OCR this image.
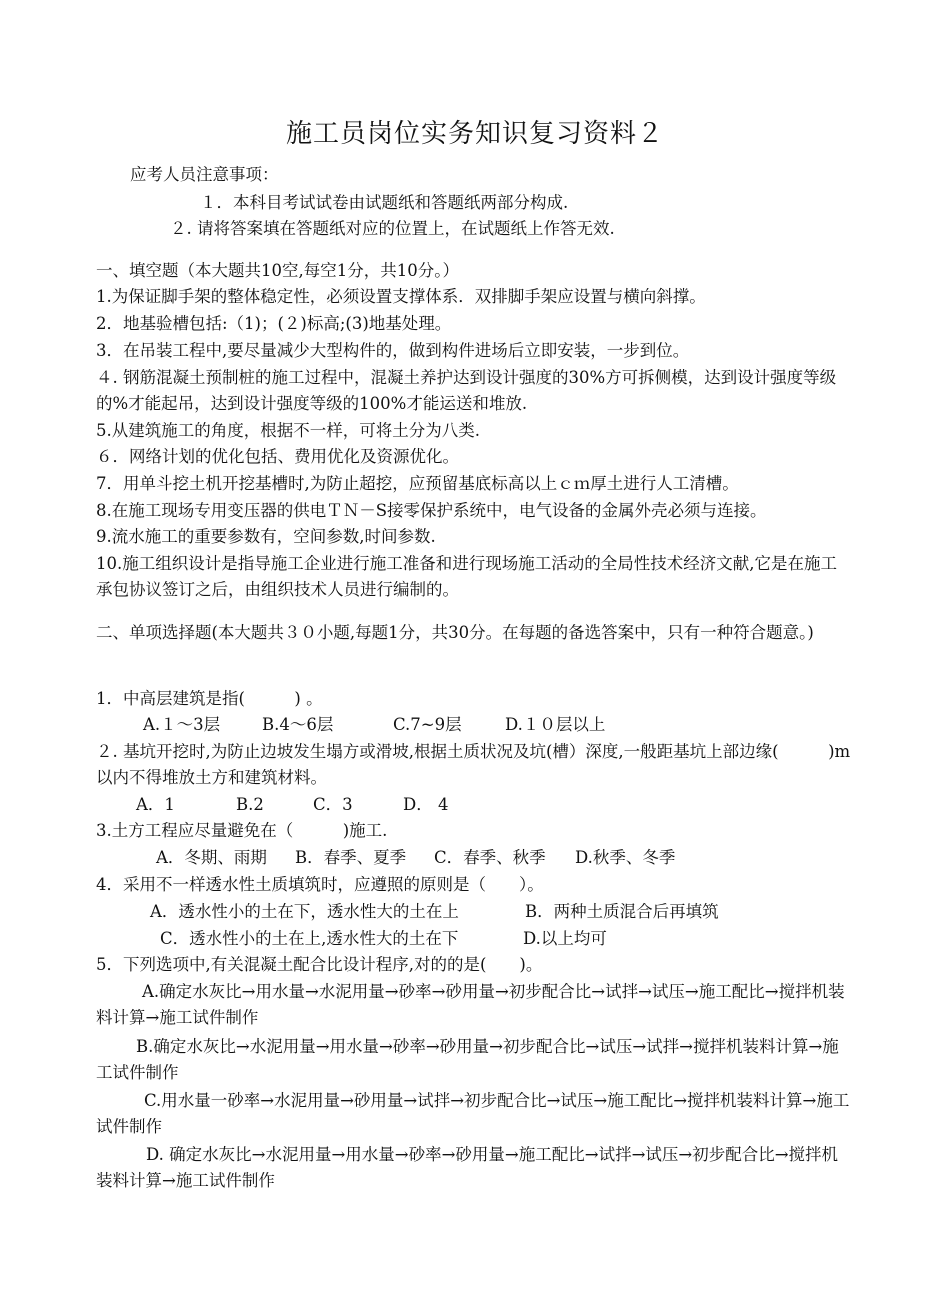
施工员岗位实务知识复习资料２
应考人员注意事项：
１．本科目考试试卷由试题纸和答题纸两部分构成.
２. 请将答案填在答题纸对应的位置上，在试题纸上作答无效.
一、填空题（本大题共10空,每空1分，共10分。）
1.为保证脚手架的整体稳定性，必须设置支撑体系．双排脚手架应设置与横向斜撑。
2．地基验槽包括:（1)；(２)标高;(3)地基处理。
3．在吊装工程中,要尽量减少大型构件的，做到构件进场后立即安装，一步到位。
４. 钢筋混凝土预制桩的施工过程中，混凝土养护达到设计强度的30%方可拆侧模，达到设计强度等级的%才能起吊，达到设计强度等级的100%才能运送和堆放.
5.从建筑施工的角度，根据不一样，可将土分为八类.
６．网络计划的优化包括、费用优化及资源优化。
7．用单斗挖土机开挖基槽时,为防止超挖，应预留基底标高以上ｃｍ厚土进行人工清槽。
8.在施工现场专用变压器的供电ＴＮ－S接零保护系统中，电气设备的金属外壳必须与连接。
9.流水施工的重要参数有，空间参数,时间参数.
10.施工组织设计是指导施工企业进行施工准备和进行现场施工活动的全局性技术经济文献,它是在施工承包协议签订之后，由组织技术人员进行编制的。
二、单项选择题(本大题共３０小题,每题1分，共30分。在每题的备选答案中，只有一种符合题意。)
1．中高层建筑是指(　　　) 。
A.１～3层	B.4～6层	C.7~9层	D.１０层以上
２. 基坑开挖时,为防止边坡发生塌方或滑坡,根据土质状况及坑(槽）深度,一般距基坑上部边缘(　　　)m以内不得堆放土方和建筑材料。
A．1	B.2	C．3	D． 4
3.土方工程应尽量避免在（　　　)施工.
A．冬期、雨期 B．春季、夏季 C．春季、秋季 D.秋季、冬季
4．采用不一样透水性土质填筑时，应遵照的原则是（　　）。
A．透水性小的土在下，透水性大的土在上	B．两种土质混合后再填筑
C．透水性小的土在上,透水性大的土在下	D.以上均可
5．下列选项中,有关混凝土配合比设计程序,对的的是(　　)。
A.确定水灰比→用水量→水泥用量→砂率→砂用量→初步配合比→试拌→试压→施工配比→搅拌机装料计算→施工试件制作
B.确定水灰比→水泥用量→用水量→砂率→砂用量→初步配合比→试压→试拌→搅拌机装料计算→施工试件制作
C.用水量一砂率→水泥用量→砂用量→试拌→初步配合比→试压→施工配比→搅拌机装料计算→施工试件制作
D. 确定水灰比→水泥用量→用水量→砂率→砂用量→施工配比→试拌→试压→初步配合比→搅拌机装料计算→施工试件制作
